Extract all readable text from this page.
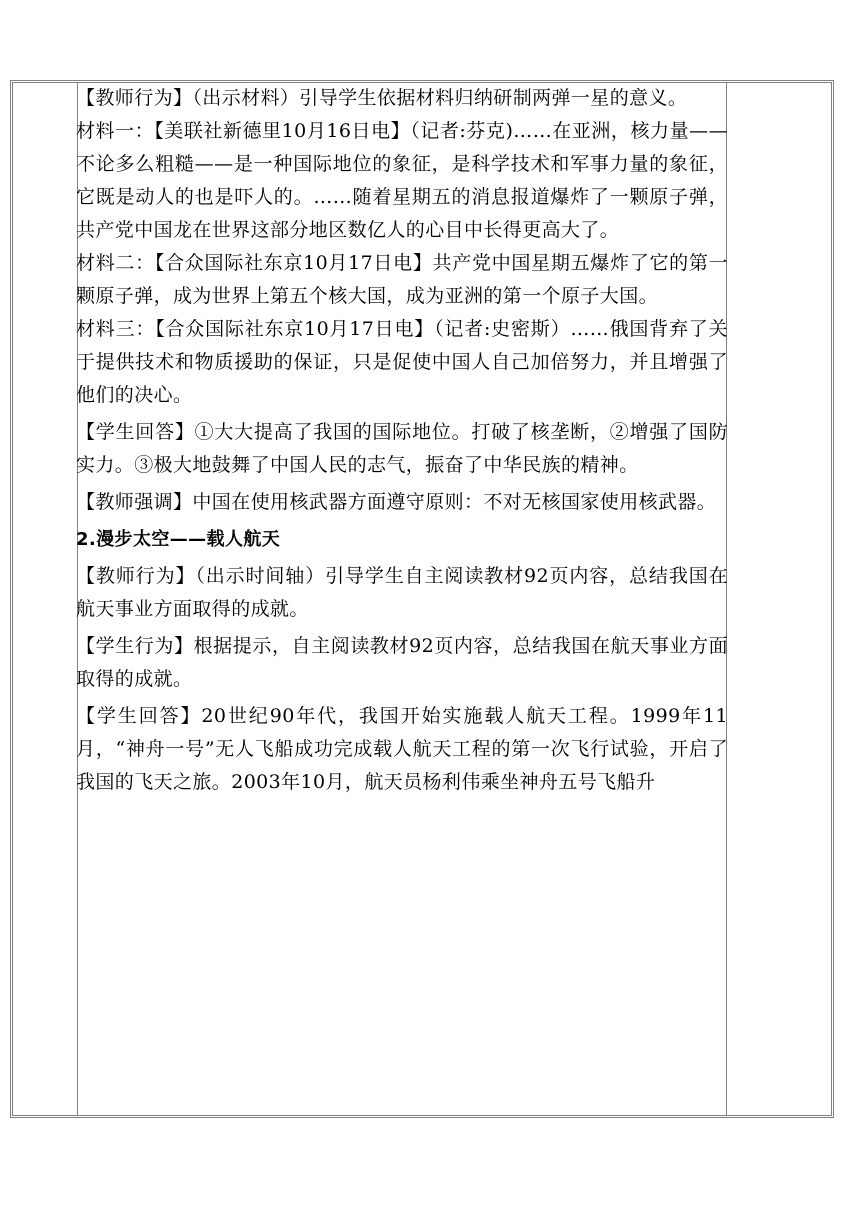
【教师行为】（出示材料）引导学生依据材料归纳研制两弹一星的意义。

材料一：【美联社新德里10月16日电】（记者:芬克)……在亚洲，核力量——不论多么粗糙——是一种国际地位的象征，是科学技术和军事力量的象征，它既是动人的也是吓人的。……随着星期五的消息报道爆炸了一颗原子弹，共产党中国龙在世界这部分地区数亿人的心目中长得更高大了。

材料二：【合众国际社东京10月17日电】共产党中国星期五爆炸了它的第一颗原子弹，成为世界上第五个核大国，成为亚洲的第一个原子大国。

材料三：【合众国际社东京10月17日电】（记者:史密斯）……俄国背弃了关于提供技术和物质援助的保证，只是促使中国人自己加倍努力，并且增强了他们的决心。

【学生回答】①大大提高了我国的国际地位。打破了核垄断，②增强了国防实力。③极大地鼓舞了中国人民的志气，振奋了中华民族的精神。

【教师强调】中国在使用核武器方面遵守原则：不对无核国家使用核武器。

2.漫步太空——载人航天

【教师行为】（出示时间轴）引导学生自主阅读教材92页内容，总结我国在航天事业方面取得的成就。

【学生行为】根据提示，自主阅读教材92页内容，总结我国在航天事业方面取得的成就。

【学生回答】20世纪90年代，我国开始实施载人航天工程。1999年11月，“神舟一号”无人飞船成功完成载人航天工程的第一次飞行试验，开启了我国的飞天之旅。2003年10月，航天员杨利伟乘坐神舟五号飞船升
